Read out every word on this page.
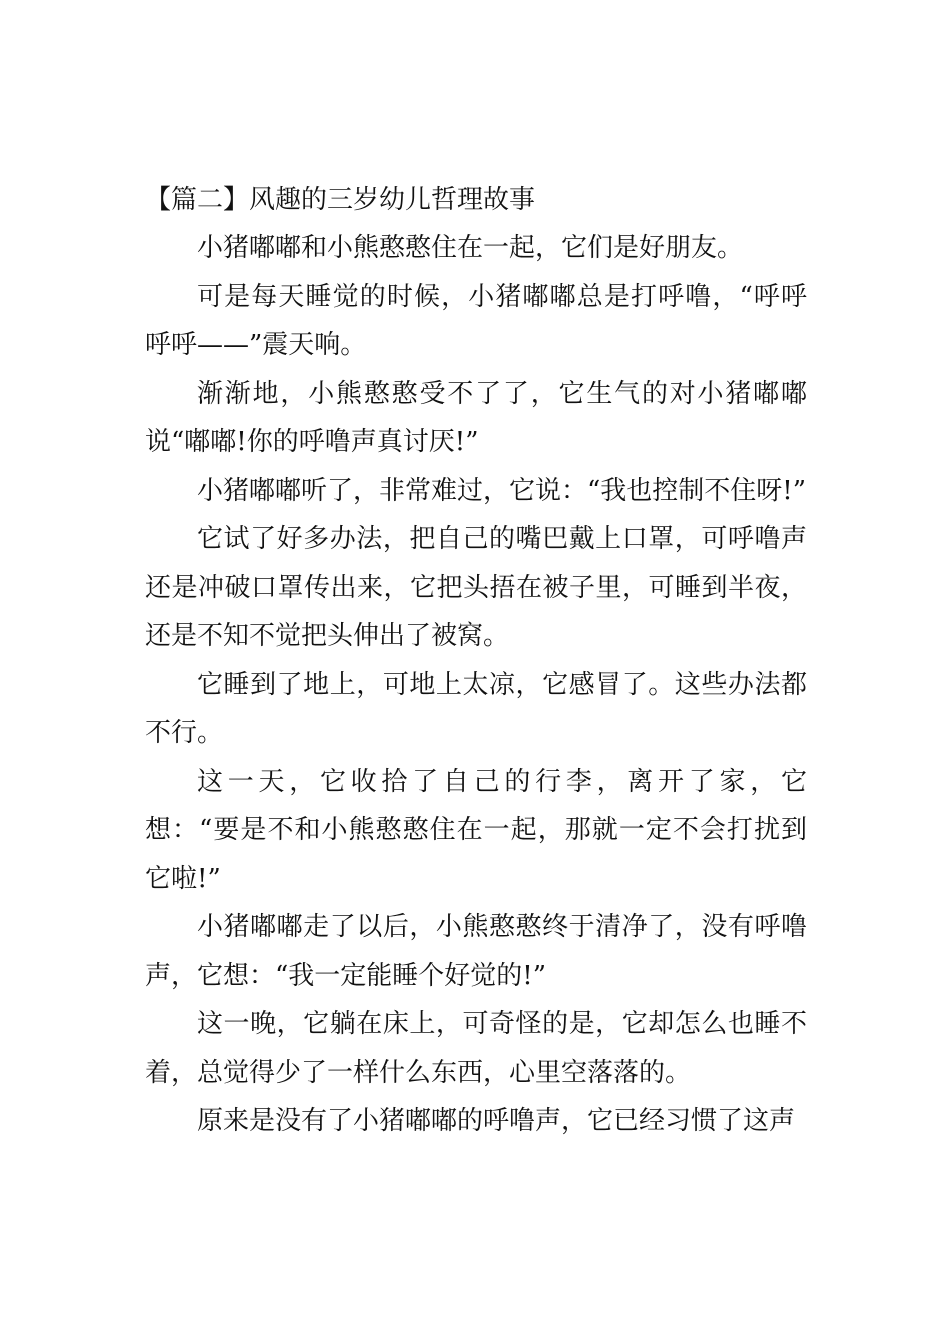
【篇二】风趣的三岁幼儿哲理故事

小猪嘟嘟和小熊憨憨住在一起，它们是好朋友。

可是每天睡觉的时候，小猪嘟嘟总是打呼噜，“呼呼呼呼——”震天响。

渐渐地，小熊憨憨受不了了，它生气的对小猪嘟嘟说“嘟嘟!你的呼噜声真讨厌!”

小猪嘟嘟听了，非常难过，它说：“我也控制不住呀!”

它试了好多办法，把自己的嘴巴戴上口罩，可呼噜声还是冲破口罩传出来，它把头捂在被子里，可睡到半夜，还是不知不觉把头伸出了被窝。

它睡到了地上，可地上太凉，它感冒了。这些办法都不行。

这一天，它收拾了自己的行李，离开了家，它想：“要是不和小熊憨憨住在一起，那就一定不会打扰到它啦!”

小猪嘟嘟走了以后，小熊憨憨终于清净了，没有呼噜声，它想：“我一定能睡个好觉的!”

这一晚，它躺在床上，可奇怪的是，它却怎么也睡不着，总觉得少了一样什么东西，心里空落落的。

原来是没有了小猪嘟嘟的呼噜声，它已经习惯了这声
